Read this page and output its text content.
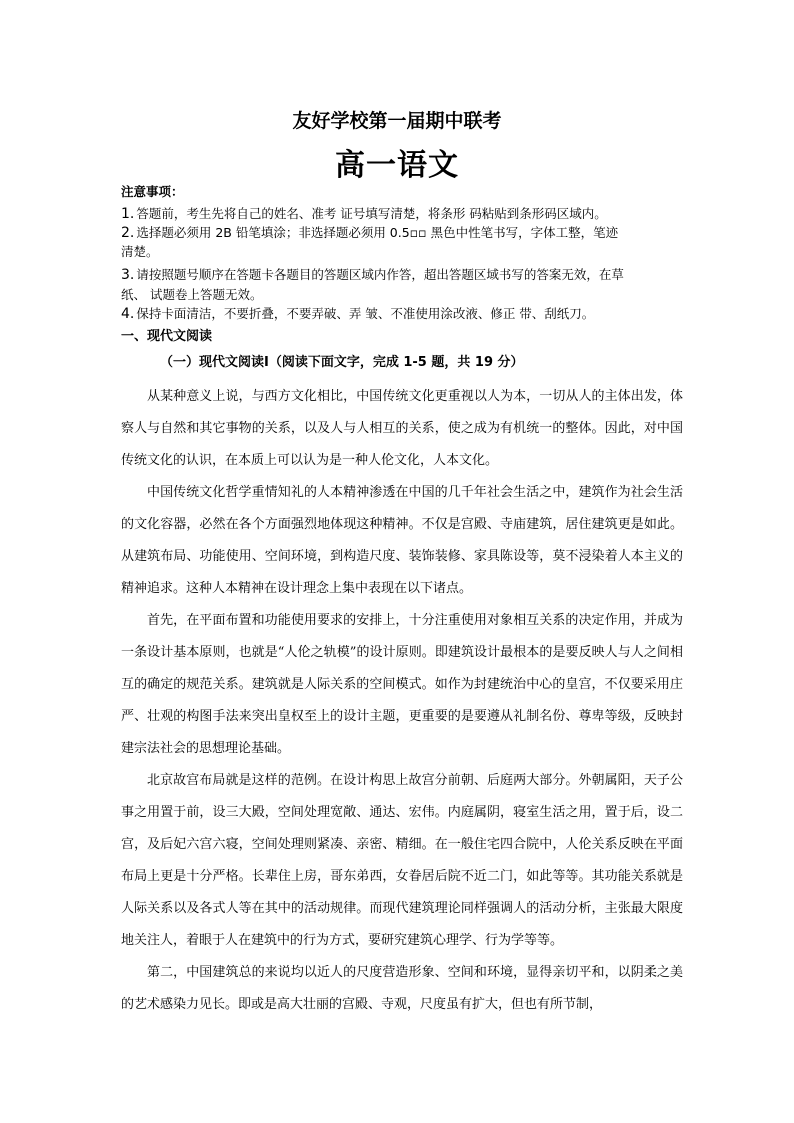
友好学校第一届期中联考
高一语文
注意事项：
1. 答题前，考生先将自己的姓名、准考 证号填写清楚，将条形 码粘贴到条形码区域内。
2. 选择题必须用 2B 铅笔填涂；非选择题必须用 0.5▫▫ 黑色中性笔书写，字体工整，笔迹
清楚。
3. 请按照题号顺序在答题卡各题目的答题区域内作答，超出答题区域书写的答案无效，在草
纸、 试题卷上答题无效。
4. 保持卡面清洁，不要折叠，不要弄破、弄 皱、不准使用涂改液、修正 带、刮纸刀。
一、现代文阅读
（一）现代文阅读Ⅰ（阅读下面文字，完成 1-5 题，共 19 分）

从某种意义上说，与西方文化相比，中国传统文化更重视以人为本，一切从人的主体出发，体察人与自然和其它事物的关系，以及人与人相互的关系，使之成为有机统一的整体。因此，对中国传统文化的认识，在本质上可以认为是一种人伦文化，人本文化。

中国传统文化哲学重情知礼的人本精神渗透在中国的几千年社会生活之中，建筑作为社会生活的文化容器，必然在各个方面强烈地体现这种精神。不仅是宫殿、寺庙建筑，居住建筑更是如此。从建筑布局、功能使用、空间环境，到构造尺度、装饰装修、家具陈设等，莫不浸染着人本主义的精神追求。这种人本精神在设计理念上集中表现在以下诸点。

首先，在平面布置和功能使用要求的安排上，十分注重使用对象相互关系的决定作用，并成为一条设计基本原则，也就是“人伦之轨模”的设计原则。即建筑设计最根本的是要反映人与人之间相互的确定的规范关系。建筑就是人际关系的空间模式。如作为封建统治中心的皇宫，不仅要采用庄严、壮观的构图手法来突出皇权至上的设计主题，更重要的是要遵从礼制名份、尊卑等级，反映封建宗法社会的思想理论基础。

北京故宫布局就是这样的范例。在设计构思上故宫分前朝、后庭两大部分。外朝属阳，天子公事之用置于前，设三大殿，空间处理宽敞、通达、宏伟。内庭属阴，寝室生活之用，置于后，设二宫，及后妃六宫六寝，空间处理则紧凑、亲密、精细。在一般住宅四合院中，人伦关系反映在平面布局上更是十分严格。长辈住上房，哥东弟西，女眷居后院不近二门，如此等等。其功能关系就是人际关系以及各式人等在其中的活动规律。而现代建筑理论同样强调人的活动分析，主张最大限度地关注人，着眼于人在建筑中的行为方式，要研究建筑心理学、行为学等等。

第二，中国建筑总的来说均以近人的尺度营造形象、空间和环境，显得亲切平和，以阴柔之美的艺术感染力见长。即或是高大壮丽的宫殿、寺观，尺度虽有扩大，但也有所节制，
